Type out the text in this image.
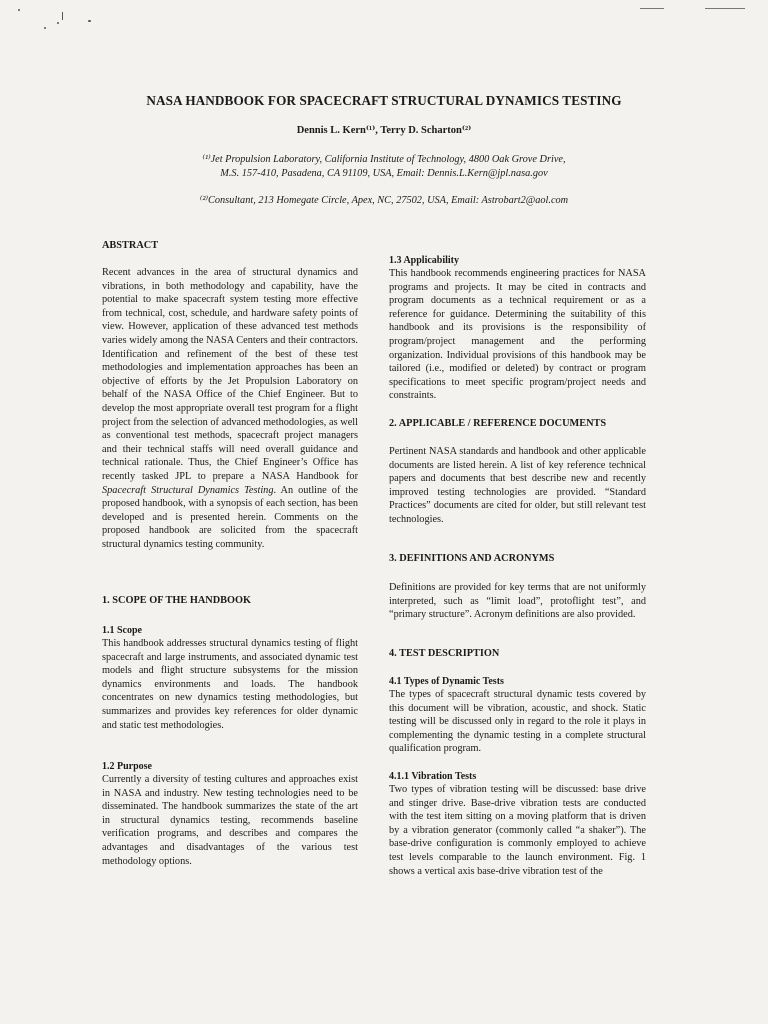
NASA HANDBOOK FOR SPACECRAFT STRUCTURAL DYNAMICS TESTING
Dennis L. Kern⁽¹⁾, Terry D. Scharton⁽²⁾
⁽¹⁾Jet Propulsion Laboratory, California Institute of Technology, 4800 Oak Grove Drive,
M.S. 157-410, Pasadena, CA 91109, USA, Email: Dennis.L.Kern@jpl.nasa.gov
⁽²⁾Consultant, 213 Homegate Circle, Apex, NC, 27502, USA, Email: Astrobart2@aol.com
ABSTRACT
Recent advances in the area of structural dynamics and vibrations, in both methodology and capability, have the potential to make spacecraft system testing more effective from technical, cost, schedule, and hardware safety points of view. However, application of these advanced test methods varies widely among the NASA Centers and their contractors. Identification and refinement of the best of these test methodologies and implementation approaches has been an objective of efforts by the Jet Propulsion Laboratory on behalf of the NASA Office of the Chief Engineer. But to develop the most appropriate overall test program for a flight project from the selection of advanced methodologies, as well as conventional test methods, spacecraft project managers and their technical staffs will need overall guidance and technical rationale. Thus, the Chief Engineer’s Office has recently tasked JPL to prepare a NASA Handbook for Spacecraft Structural Dynamics Testing. An outline of the proposed handbook, with a synopsis of each section, has been developed and is presented herein. Comments on the proposed handbook are solicited from the spacecraft structural dynamics testing community.
1. SCOPE OF THE HANDBOOK
1.1 Scope
This handbook addresses structural dynamics testing of flight spacecraft and large instruments, and associated dynamic test models and flight structure subsystems for the mission dynamics environments and loads. The handbook concentrates on new dynamics testing methodologies, but summarizes and provides key references for older dynamic and static test methodologies.
1.2 Purpose
Currently a diversity of testing cultures and approaches exist in NASA and industry. New testing technologies need to be disseminated. The handbook summarizes the state of the art in structural dynamics testing, recommends baseline verification programs, and describes and compares the advantages and disadvantages of the various test methodology options.
1.3 Applicability
This handbook recommends engineering practices for NASA programs and projects. It may be cited in contracts and program documents as a technical requirement or as a reference for guidance. Determining the suitability of this handbook and its provisions is the responsibility of program/project management and the performing organization. Individual provisions of this handbook may be tailored (i.e., modified or deleted) by contract or program specifications to meet specific program/project needs and constraints.
2. APPLICABLE / REFERENCE DOCUMENTS
Pertinent NASA standards and handbook and other applicable documents are listed herein. A list of key reference technical papers and documents that best describe new and recently improved testing technologies are provided. “Standard Practices” documents are cited for older, but still relevant test technologies.
3. DEFINITIONS AND ACRONYMS
Definitions are provided for key terms that are not uniformly interpreted, such as “limit load”, protoflight test”, and “primary structure”. Acronym definitions are also provided.
4. TEST DESCRIPTION
4.1 Types of Dynamic Tests
The types of spacecraft structural dynamic tests covered by this document will be vibration, acoustic, and shock. Static testing will be discussed only in regard to the role it plays in complementing the dynamic testing in a complete structural qualification program.
4.1.1 Vibration Tests
Two types of vibration testing will be discussed: base drive and stinger drive. Base-drive vibration tests are conducted with the test item sitting on a moving platform that is driven by a vibration generator (commonly called “a shaker”). The base-drive configuration is commonly employed to achieve test levels comparable to the launch environment. Fig. 1 shows a vertical axis base-drive vibration test of the
